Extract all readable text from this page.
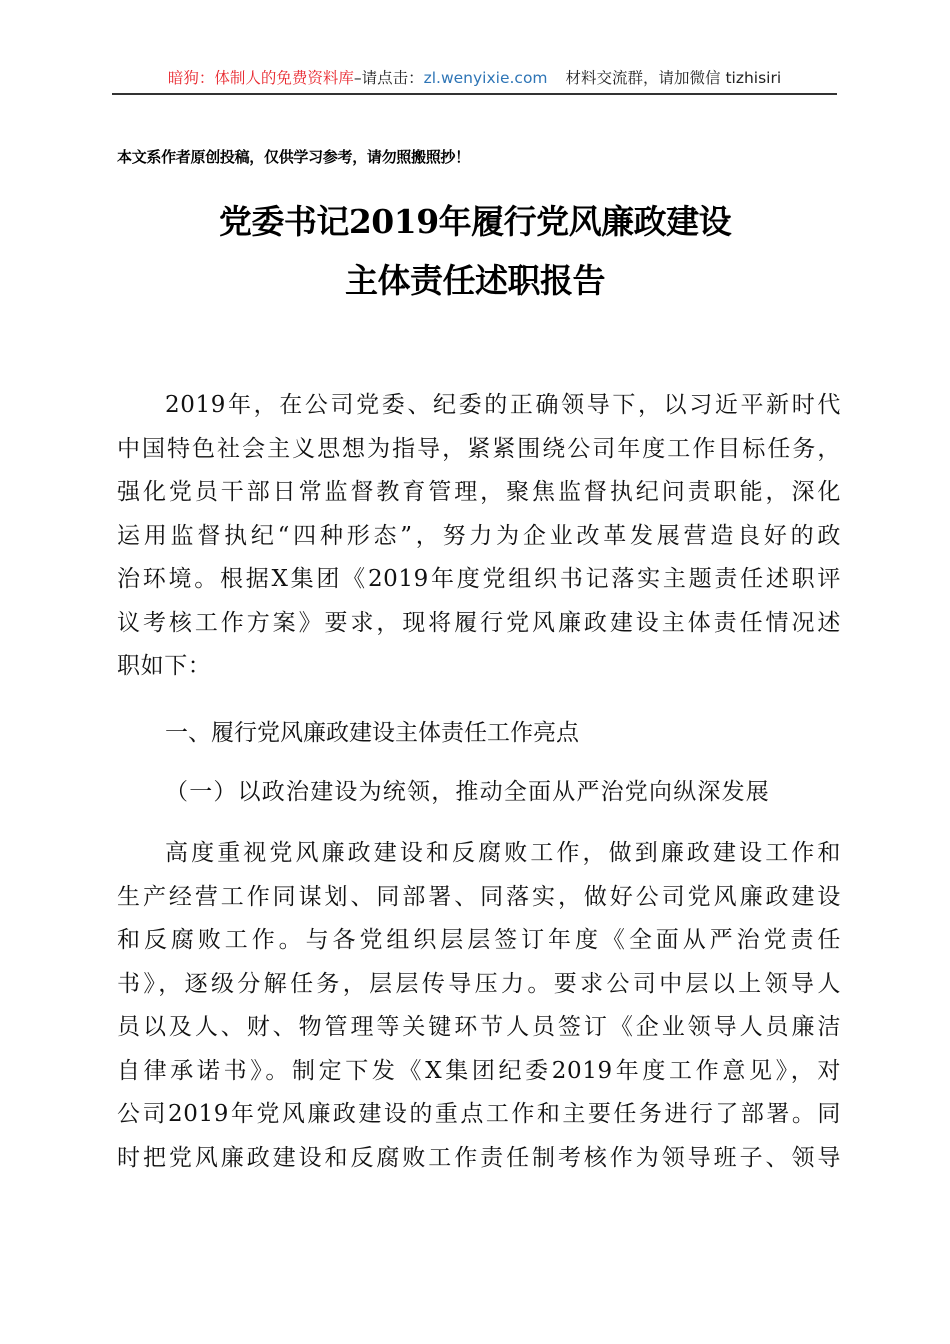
暗狗：体制人的免费资料库–请点击：zl.wenyixie.com 材料交流群，请加微信 tizhisiri
本文系作者原创投稿，仅供学习参考，请勿照搬照抄！
党委书记2019年履行党风廉政建设
主体责任述职报告
2019年，在公司党委、纪委的正确领导下，以习近平新时代
中国特色社会主义思想为指导，紧紧围绕公司年度工作目标任务，
强化党员干部日常监督教育管理，聚焦监督执纪问责职能，深化
运用监督执纪“四种形态”，努力为企业改革发展营造良好的政
治环境。根据X集团《2019年度党组织书记落实主题责任述职评
议考核工作方案》要求，现将履行党风廉政建设主体责任情况述
职如下：
一、履行党风廉政建设主体责任工作亮点
（一）以政治建设为统领，推动全面从严治党向纵深发展
高度重视党风廉政建设和反腐败工作，做到廉政建设工作和
生产经营工作同谋划、同部署、同落实，做好公司党风廉政建设
和反腐败工作。与各党组织层层签订年度《全面从严治党责任
书》，逐级分解任务，层层传导压力。要求公司中层以上领导人
员以及人、财、物管理等关键环节人员签订《企业领导人员廉洁
自律承诺书》。制定下发《X集团纪委2019年度工作意见》，对
公司2019年党风廉政建设的重点工作和主要任务进行了部署。同
时把党风廉政建设和反腐败工作责任制考核作为领导班子、领导
